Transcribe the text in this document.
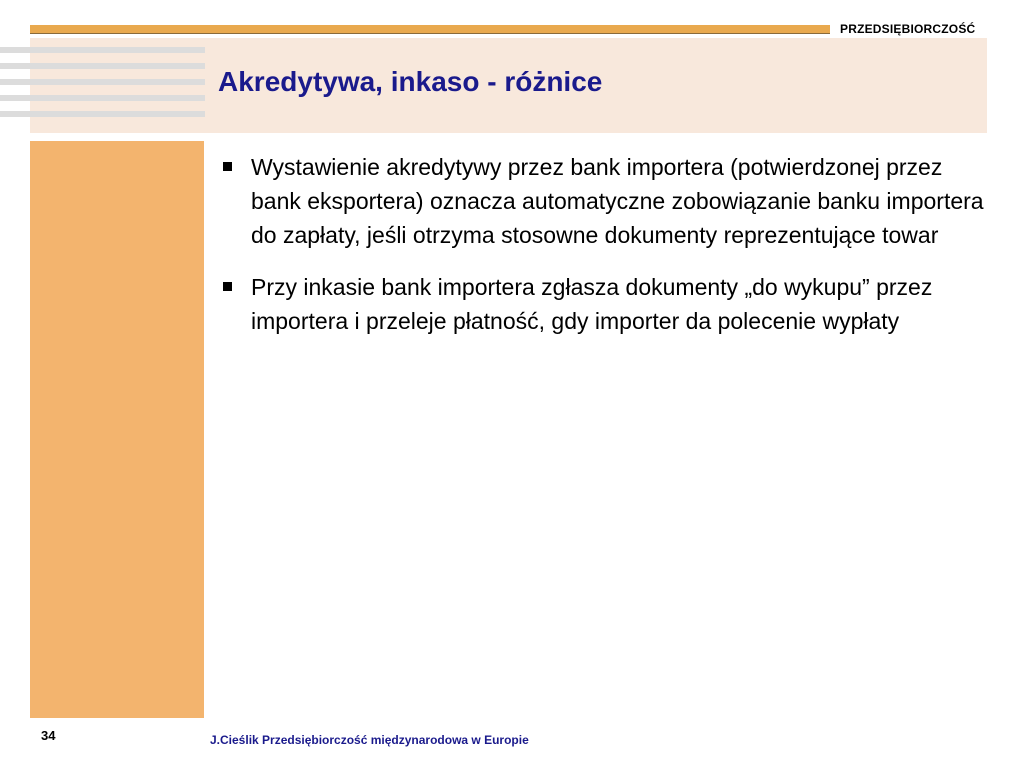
PRZEDSIĘBIORCZOŚĆ
Akredytywa, inkaso - różnice
Wystawienie akredytywy przez bank importera (potwierdzonej przez bank eksportera) oznacza automatyczne zobowiązanie banku importera do zapłaty, jeśli otrzyma stosowne dokumenty reprezentujące towar
Przy inkasie bank importera zgłasza dokumenty „do wykupu” przez importera i przeleje płatność, gdy importer da polecenie wypłaty
34	J.Cieślik Przedsiębiorczość międzynarodowa w Europie
